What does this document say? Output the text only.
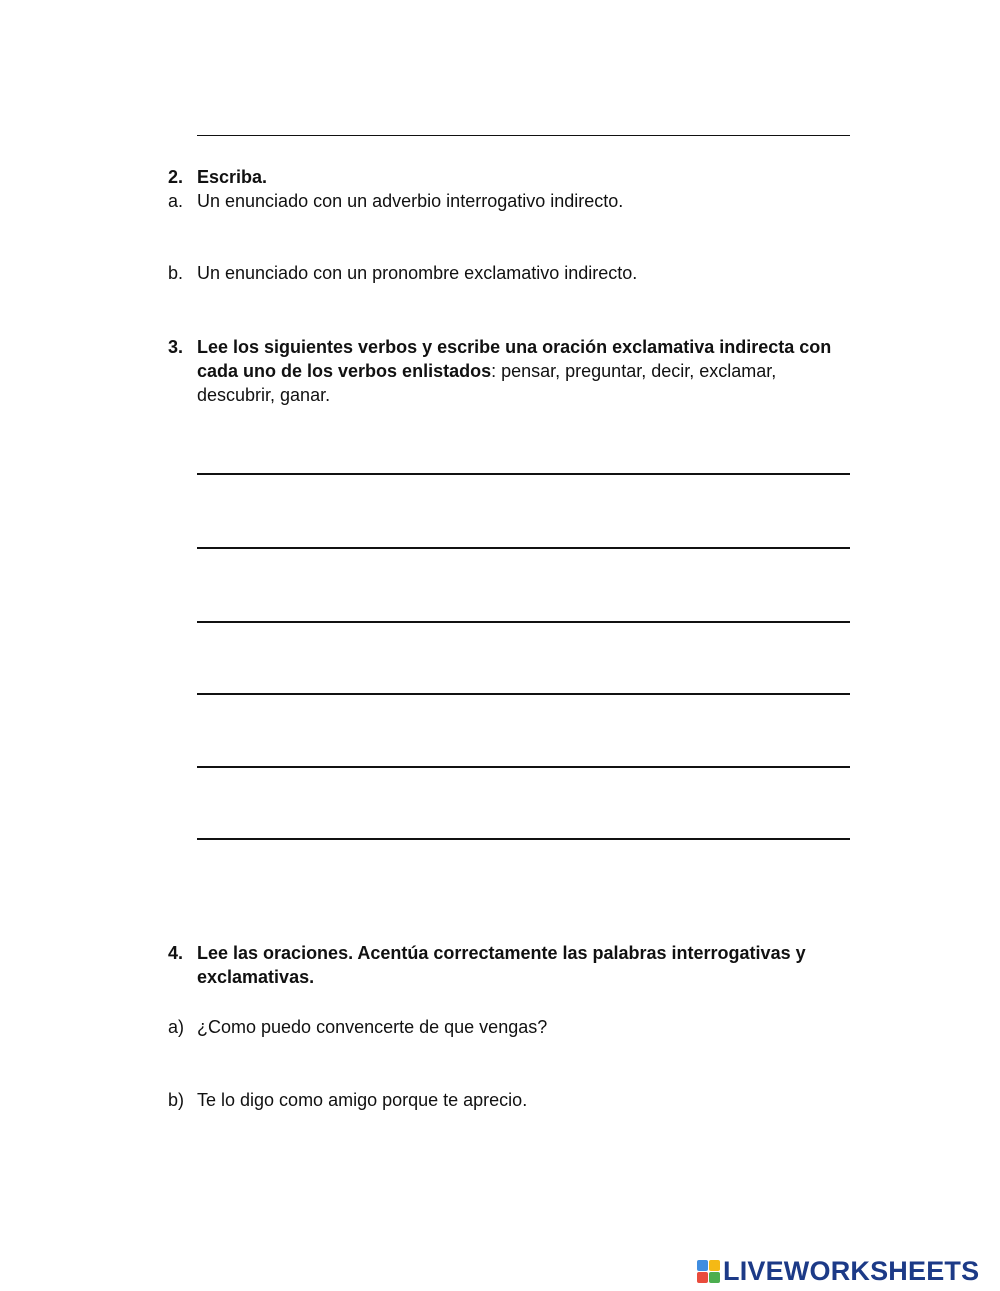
2. Escriba.
a. Un enunciado con un adverbio interrogativo indirecto.
b. Un enunciado con un pronombre exclamativo indirecto.
3. Lee los siguientes verbos y escribe una oración exclamativa indirecta con cada uno de los verbos enlistados: pensar, preguntar, decir, exclamar, descubrir, ganar.
4. Lee las oraciones. Acentúa correctamente las palabras interrogativas y exclamativas.
a) ¿Como puedo convencerte de que vengas?
b) Te lo digo como amigo porque te aprecio.
LIVEWORKSHEETS
